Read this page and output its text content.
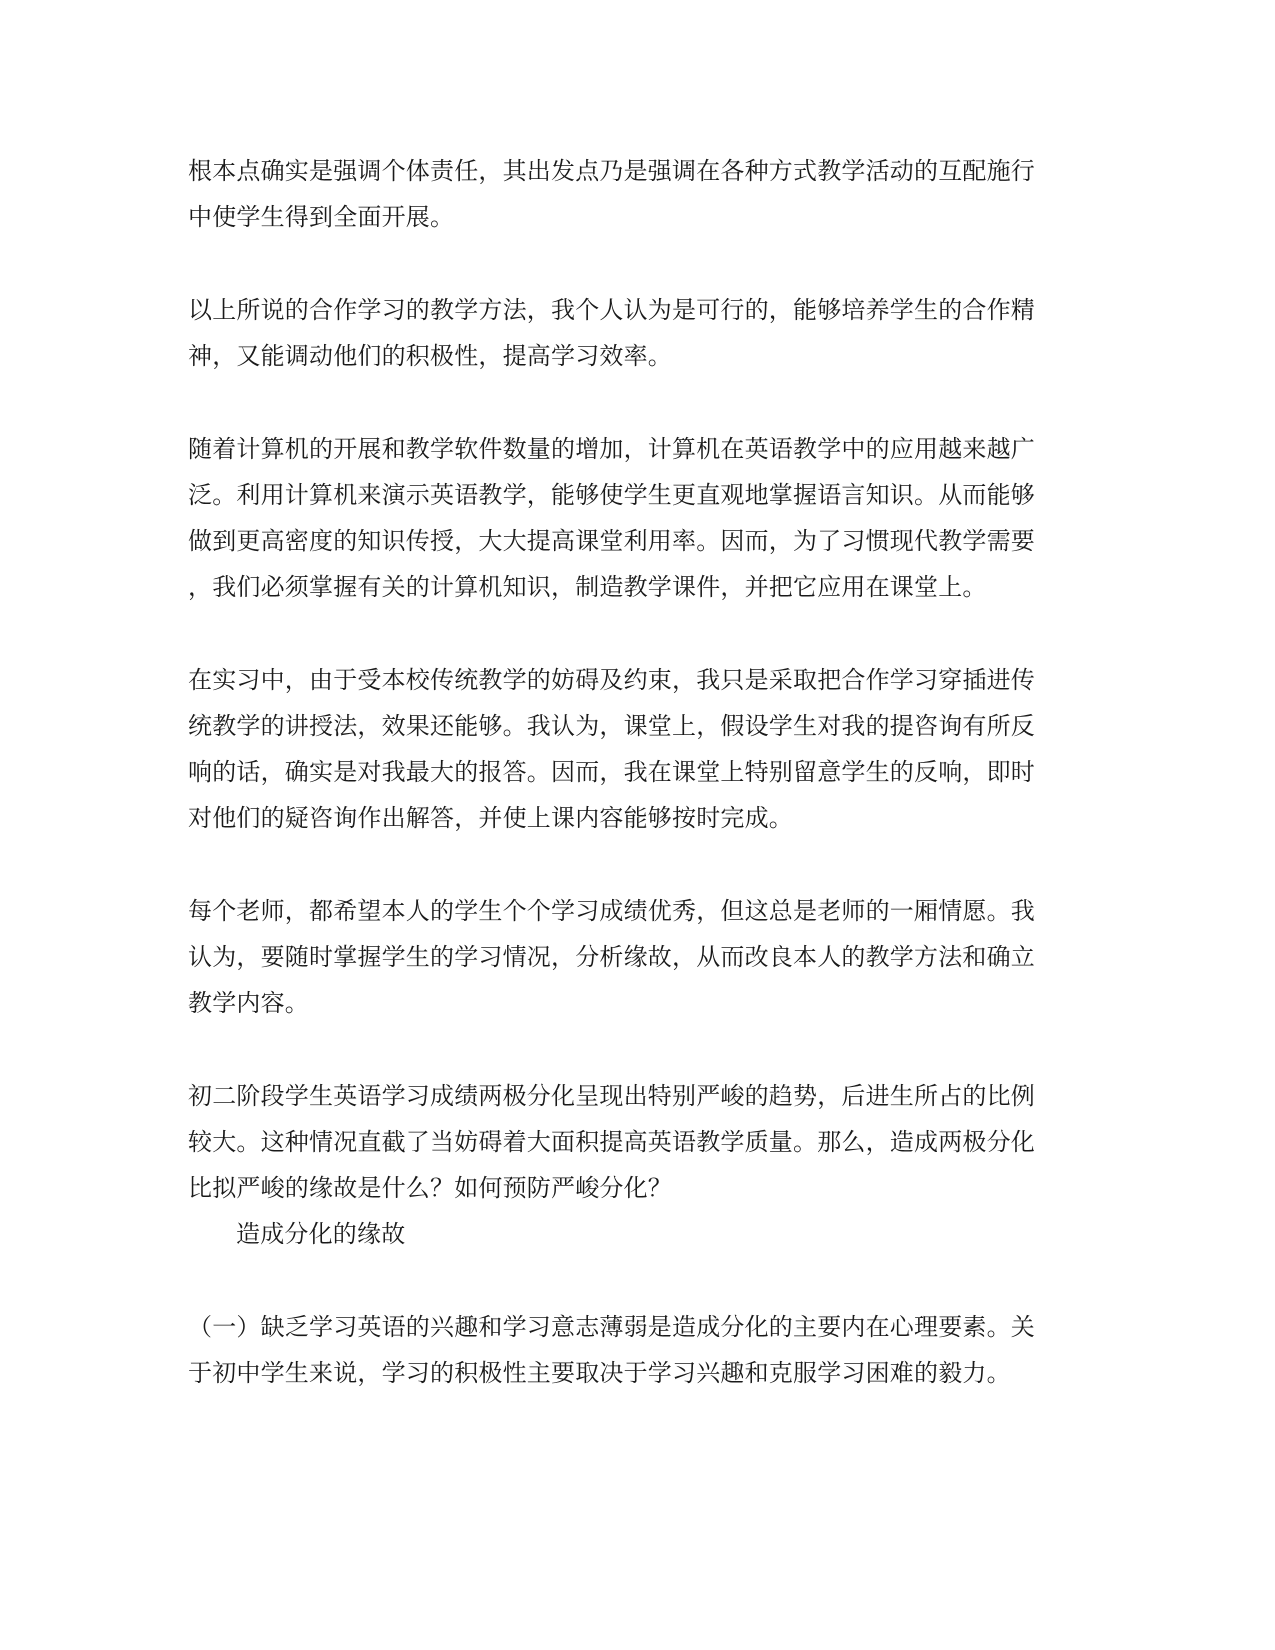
根本点确实是强调个体责任，其出发点乃是强调在各种方式教学活动的互配施行
中使学生得到全面开展。
以上所说的合作学习的教学方法，我个人认为是可行的，能够培养学生的合作精
神，又能调动他们的积极性，提高学习效率。
随着计算机的开展和教学软件数量的增加，计算机在英语教学中的应用越来越广
泛。利用计算机来演示英语教学，能够使学生更直观地掌握语言知识。从而能够
做到更高密度的知识传授，大大提高课堂利用率。因而，为了习惯现代教学需要
，我们必须掌握有关的计算机知识，制造教学课件，并把它应用在课堂上。
在实习中，由于受本校传统教学的妨碍及约束，我只是采取把合作学习穿插进传
统教学的讲授法，效果还能够。我认为，课堂上，假设学生对我的提咨询有所反
响的话，确实是对我最大的报答。因而，我在课堂上特别留意学生的反响，即时
对他们的疑咨询作出解答，并使上课内容能够按时完成。
每个老师，都希望本人的学生个个学习成绩优秀，但这总是老师的一厢情愿。我
认为，要随时掌握学生的学习情况，分析缘故，从而改良本人的教学方法和确立
教学内容。
初二阶段学生英语学习成绩两极分化呈现出特别严峻的趋势，后进生所占的比例
较大。这种情况直截了当妨碍着大面积提高英语教学质量。那么，造成两极分化
比拟严峻的缘故是什么？如何预防严峻分化？
造成分化的缘故
（一）缺乏学习英语的兴趣和学习意志薄弱是造成分化的主要内在心理要素。关
于初中学生来说，学习的积极性主要取决于学习兴趣和克服学习困难的毅力。
